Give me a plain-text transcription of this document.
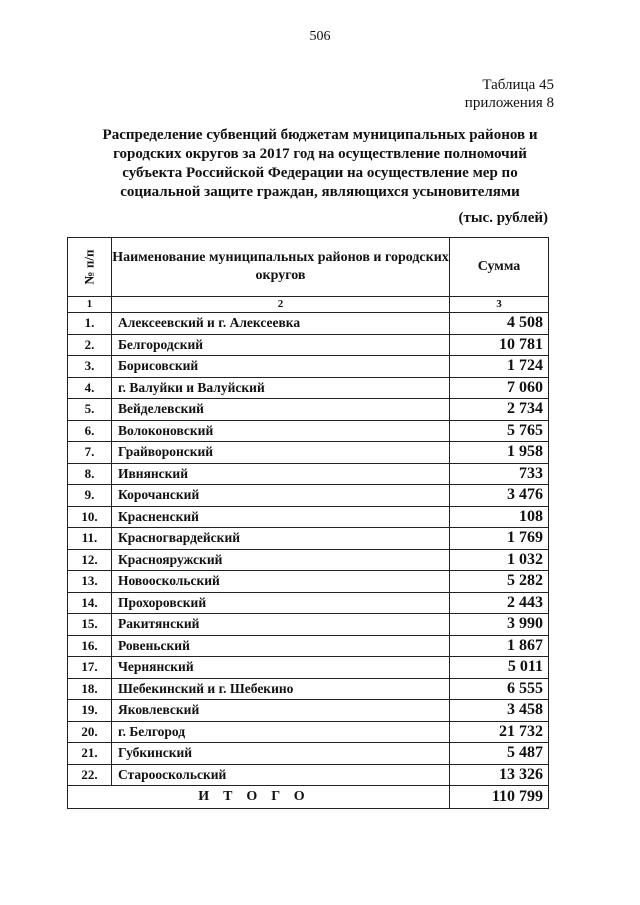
506
Таблица 45
приложения 8
Распределение субвенций бюджетам муниципальных районов и
городских округов за 2017 год на осуществление полномочий
субъекта Российской Федерации на осуществление мер по
социальной защите граждан, являющихся усыновителями
(тыс. рублей)
№ п/п	Наименование муниципальных районов и городских округов	Сумма
1	2	3
1.	Алексеевский и г. Алексеевка	4 508
2.	Белгородский	10 781
3.	Борисовский	1 724
4.	г. Валуйки и Валуйский	7 060
5.	Вейделевский	2 734
6.	Волоконовский	5 765
7.	Грайворонский	1 958
8.	Ивнянский	733
9.	Корочанский	3 476
10.	Красненский	108
11.	Красногвардейский	1 769
12.	Краснояружский	1 032
13.	Новооскольский	5 282
14.	Прохоровский	2 443
15.	Ракитянский	3 990
16.	Ровеньский	1 867
17.	Чернянский	5 011
18.	Шебекинский и г. Шебекино	6 555
19.	Яковлевский	3 458
20.	г. Белгород	21 732
21.	Губкинский	5 487
22.	Старооскольский	13 326
ИТОГО		110 799
